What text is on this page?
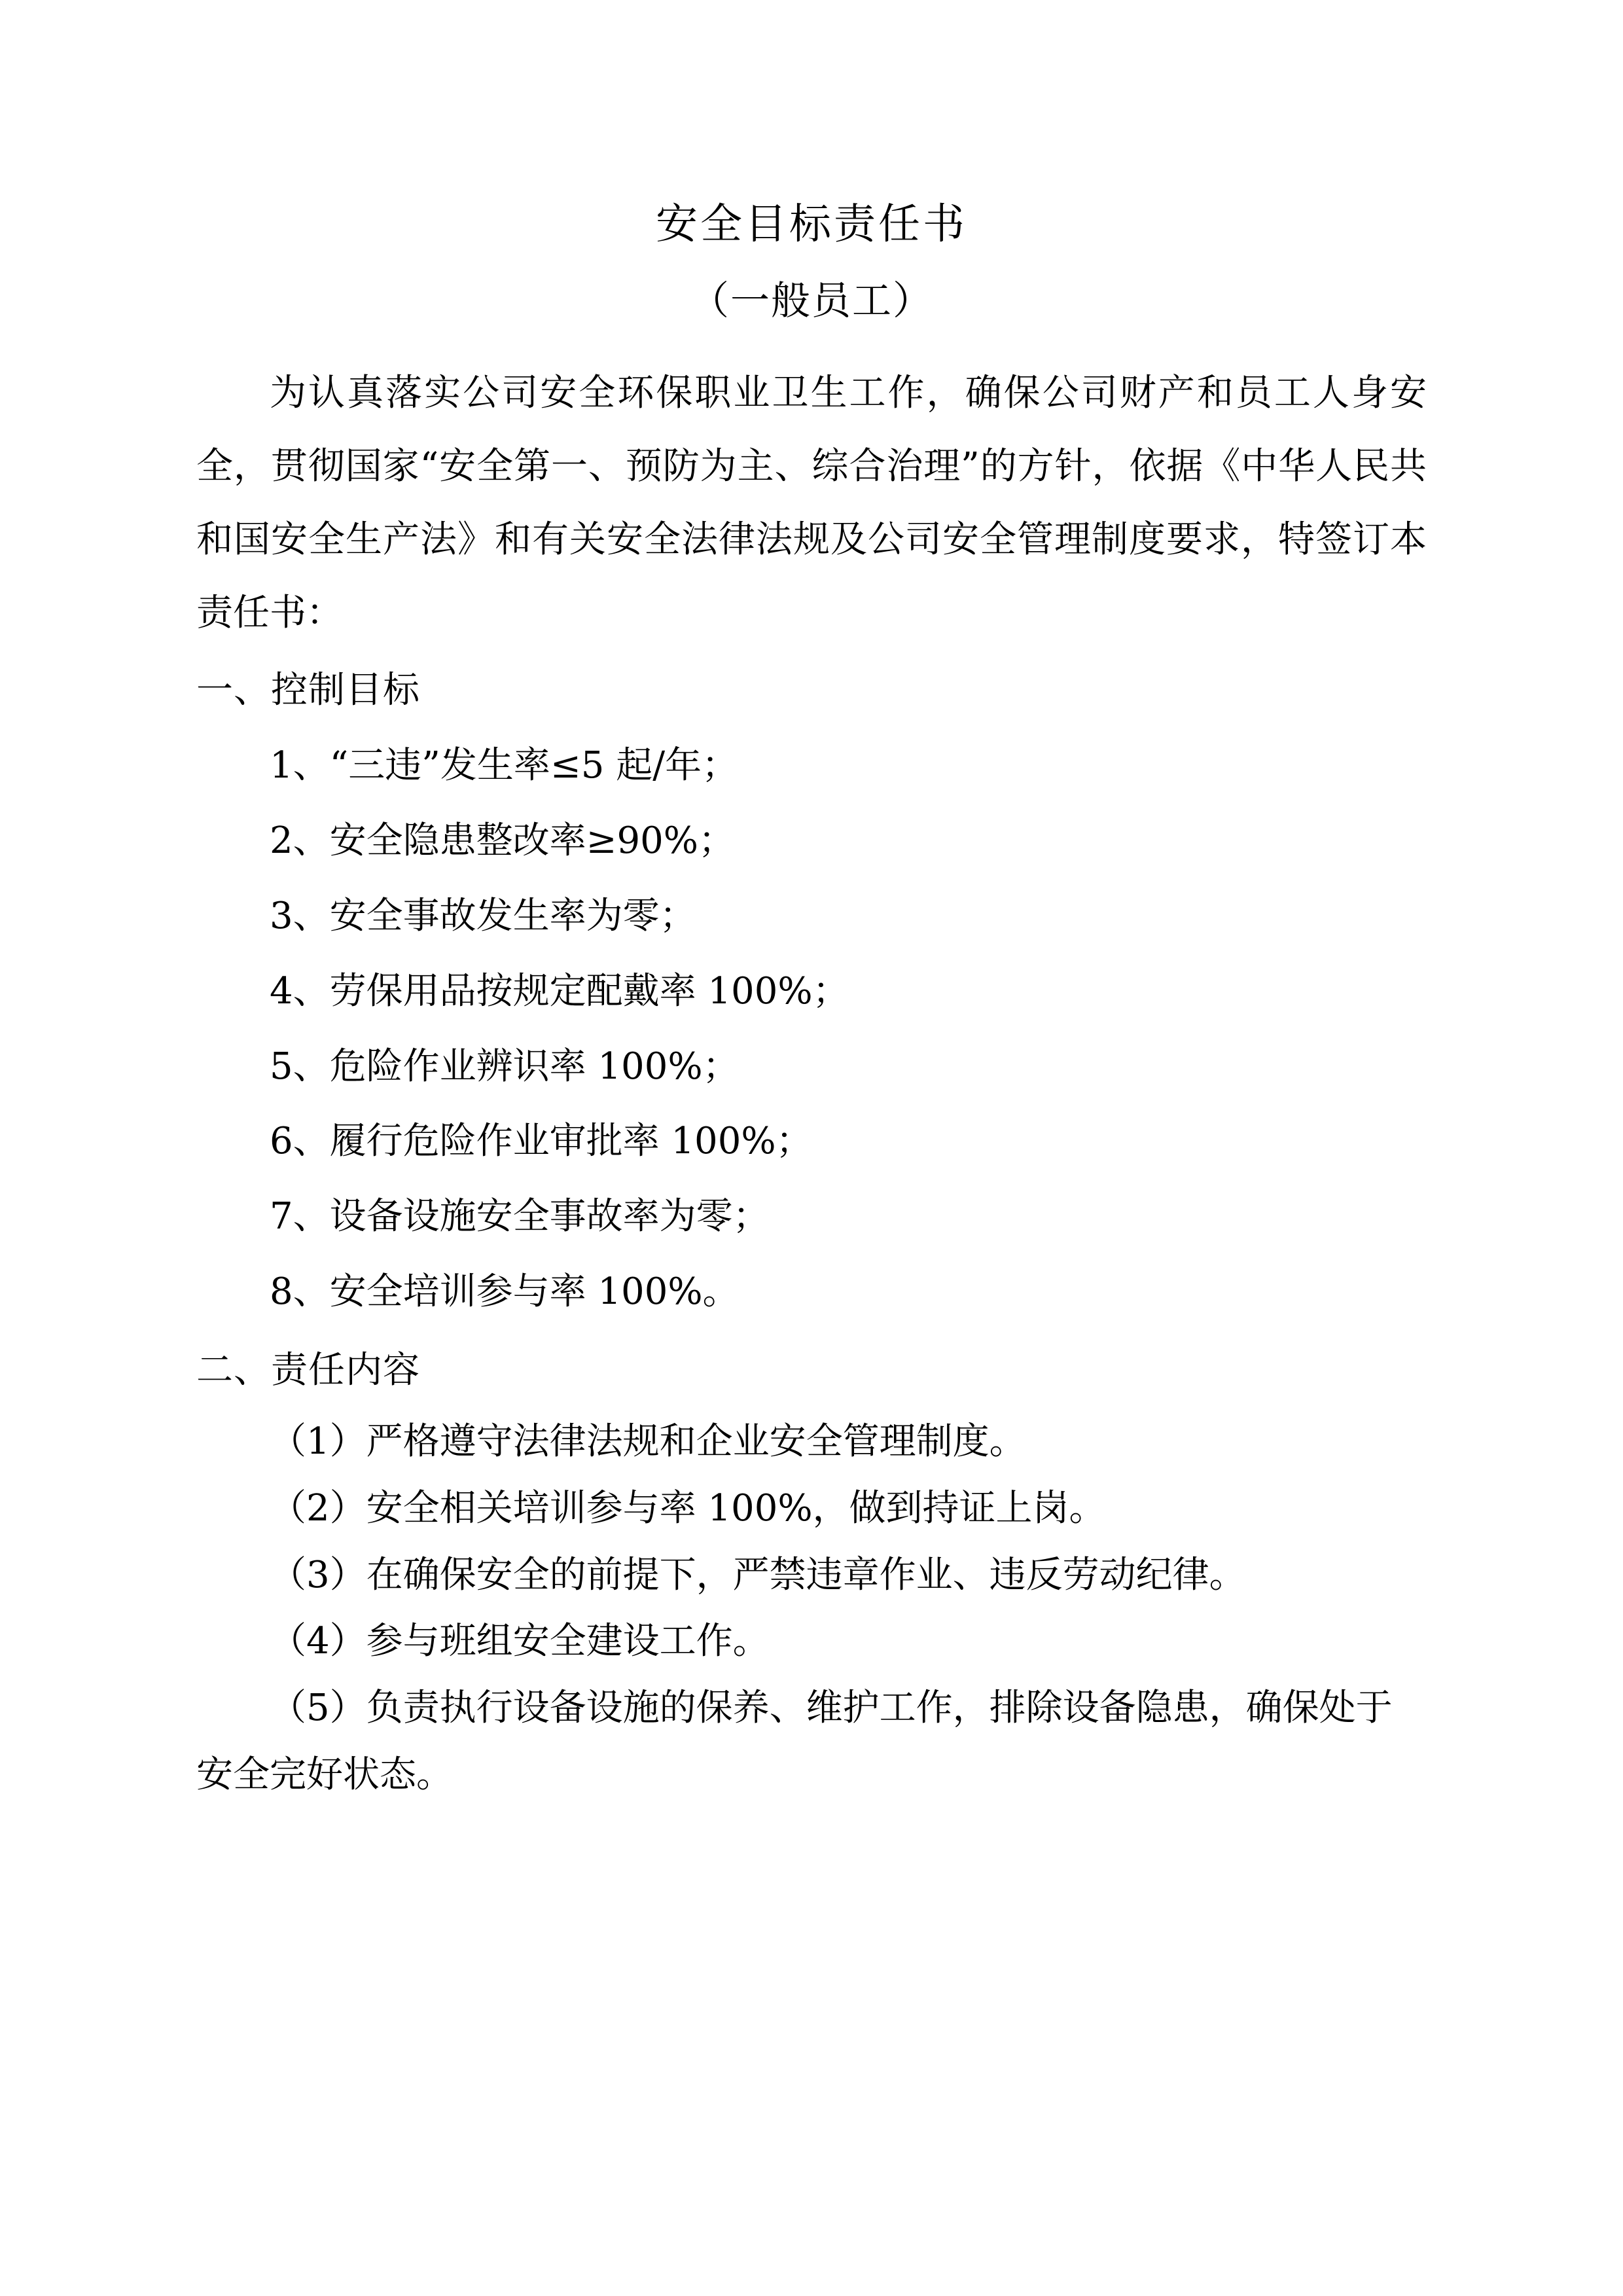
安全目标责任书
（一般员工）

为认真落实公司安全环保职业卫生工作，确保公司财产和员工人身安全，贯彻国家“安全第一、预防为主、综合治理”的方针，依据《中华人民共和国安全生产法》和有关安全法律法规及公司安全管理制度要求，特签订本责任书：

一、控制目标

1、“三违”发生率≤5 起/年；

2、安全隐患整改率≥90%；

3、安全事故发生率为零；

4、劳保用品按规定配戴率 100%；

5、危险作业辨识率 100%；

6、履行危险作业审批率 100%；

7、设备设施安全事故率为零；

8、安全培训参与率 100%。

二、责任内容

（1）严格遵守法律法规和企业安全管理制度。

（2）安全相关培训参与率 100%，做到持证上岗。

（3）在确保安全的前提下，严禁违章作业、违反劳动纪律。

（4）参与班组安全建设工作。

（5）负责执行设备设施的保养、维护工作，排除设备隐患，确保处于安全完好状态。
